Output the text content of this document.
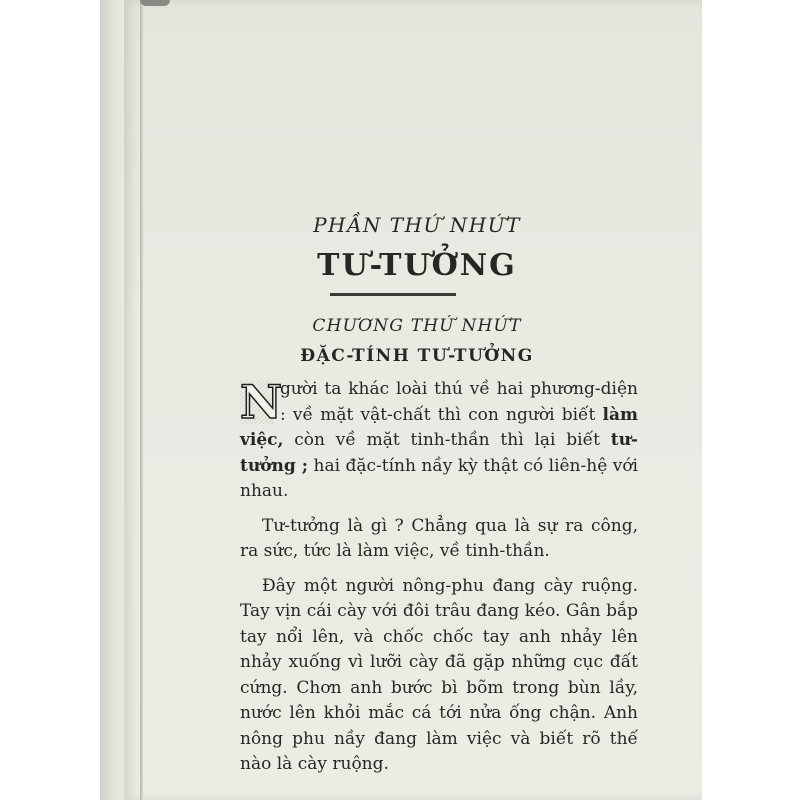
PHẦN THỨ NHỨT
TƯ-TƯỞNG
CHƯƠNG THỨ NHỨT
ĐẶC-TÍNH TƯ-TƯỞNG

N
gười ta khác loài thú về hai phương-diện : về mặt vật-chất thì con người biết làm việc, còn về mặt tinh-thần thì lại biết tư-tưởng ; hai đặc-tính nầy kỳ thật có liên-hệ với nhau.

Tư-tưởng là gì ? Chẳng qua là sự ra công, ra sức, tức là làm việc, về tinh-thần.

Đây một người nông-phu đang cày ruộng. Tay vịn cái cày với đôi trâu đang kéo. Gân bắp tay nổi lên, và chốc chốc tay anh nhảy lên nhảy xuống vì lưỡi cày đã gặp những cục đất cứng. Chơn anh bước bì bõm trong bùn lầy, nước lên khỏi mắc cá tới nửa ống chận. Anh nông phu nầy đang làm việc và biết rõ thế nào là cày ruộng.
